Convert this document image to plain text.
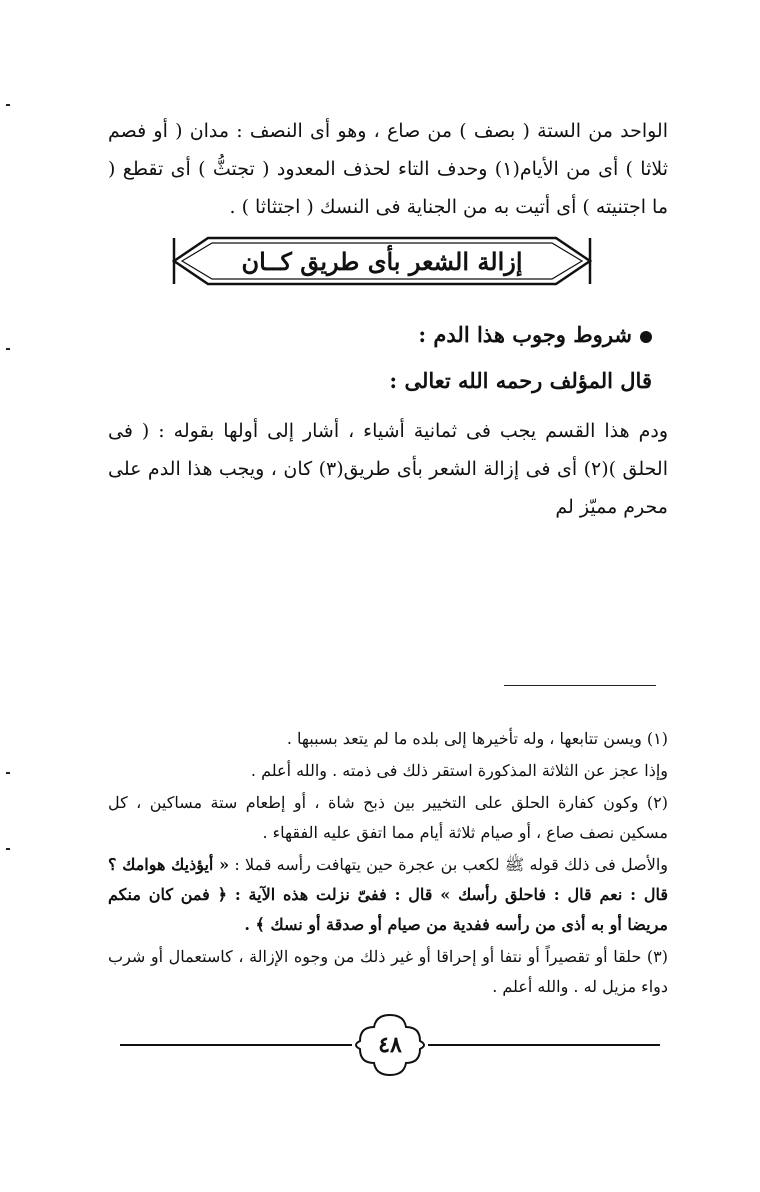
الواحد من الستة ( بصف ) من صاع ، وهو أى النصف : مدان ( أو فصم ثلاثا ) أى من الأيام(١) وحدف التاء لحذف المعدود ( تجتثُّ ) أى تقطع ( ما اجتنيته ) أى أتيت به من الجناية فى النسك ( اجتثاثا ) .

إزالة الشعر بأى طريق كــان
شروط وجوب هذا الدم :
قال المؤلف رحمه الله تعالى :

ودم هذا القسم يجب فى ثمانية أشياء ، أشار إلى أولها بقوله : ( فى الحلق )(٢) أى فى إزالة الشعر بأى طريق(٣) كان ، ويجب هذا الدم على محرم مميّز لم

(١) ويسن تتابعها ، وله تأخيرها إلى بلده ما لم يتعد بسببها .

وإذا عجز عن الثلاثة المذكورة استقر ذلك فى ذمته . والله أعلم .

(٢) وكون كفارة الحلق على التخيير بين ذبح شاة ، أو إطعام ستة مساكين ، كل مسكين نصف صاع ، أو صيام ثلاثة أيام مما اتفق عليه الفقهاء .

والأصل فى ذلك قوله ﷺ لكعب بن عجرة حين يتهافت رأسه قملا : « أيؤذيك هوامك ؟ قال : نعم قال : فاحلق رأسك » قال : ففىّ نزلت هذه الآية : ﴿ فمن كان منكم مريضا أو به أذى من رأسه ففدية من صيام أو صدقة أو نسك ﴾ .

(٣) حلقا أو تقصيراً أو نتفا أو إحراقا أو غير ذلك من وجوه الإزالة ، كاستعمال أو شرب دواء مزيل له . والله أعلم .

٤٨
